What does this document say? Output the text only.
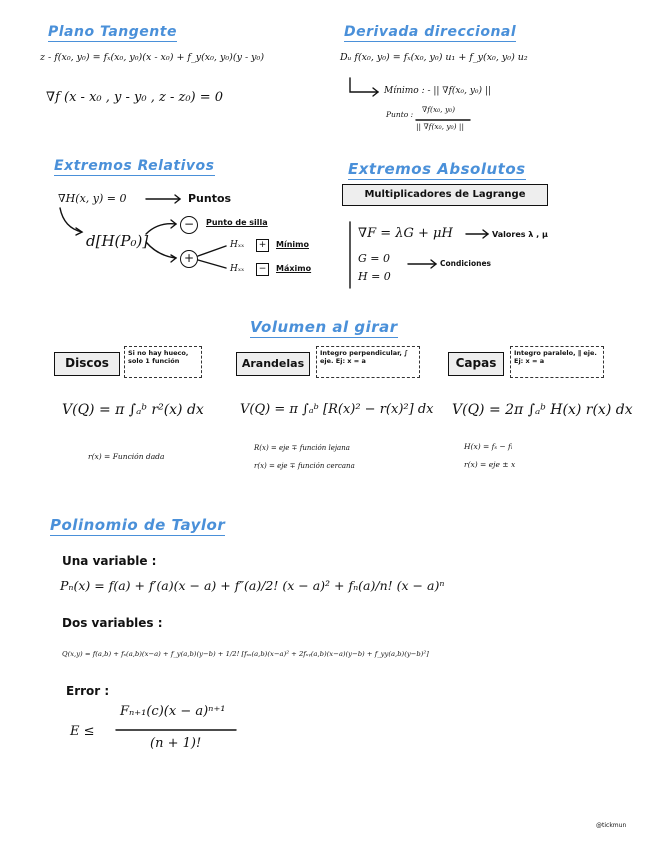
Plano Tangente	Derivada direccional
Extremos Relativos	Extremos Absolutos
Volumen al girar
Polinomio de Taylor
z - f(x₀, y₀) = fₓ(x₀, y₀)(x - x₀) + f_y(x₀, y₀)(y - y₀)
∇f (x - x₀ , y - y₀ , z - z₀) = 0
Dᵤ f(x₀, y₀) = fₓ(x₀, y₀) u₁ + f_y(x₀, y₀) u₂
Mínimo : - || ∇f(x₀, y₀) ||
Punto :
∇f(x₀, y₀)
|| ∇f(x₀, y₀) ||
∇H(x, y) = 0	Puntos
d[H(P₀)]
−	Punto de silla
+
Hₓₓ	+	Mínimo
Hₓₓ	−	Máximo
Multiplicadores de Lagrange
∇F = λG + μH	Valores λ , μ
G = 0
H = 0
Condiciones
Discos
Si no hay hueco, solo 1 función
V(Q) = π ∫ₐᵇ r²(x) dx
r(x) = Función dada
Arandelas
Integro perpendicular, ∫ eje. Ej: x = a
V(Q) = π ∫ₐᵇ [R(x)² − r(x)²] dx
R(x) = eje ∓ función lejana
r(x) = eje ∓ función cercana
Capas
Integro paralelo, ∥ eje. Ej: x = a
V(Q) = 2π ∫ₐᵇ H(x) r(x) dx
H(x) = fₛ − fᵢ
r(x) = eje ± x
Una variable :
Pₙ(x) = f(a) + f′(a)(x − a) + f″(a)/2! (x − a)² + fₙ(a)/n! (x − a)ⁿ
Dos variables :
Q(x,y) = f(a,b) + fₓ(a,b)(x−a) + f_y(a,b)(y−b) + 1/2! [fₓₓ(a,b)(x−a)² + 2fₓᵧ(a,b)(x−a)(y−b) + f_yy(a,b)(y−b)²]
Error :
E ≤
Fₙ₊₁(c)(x − a)ⁿ⁺¹
(n + 1)!
@tickmun
